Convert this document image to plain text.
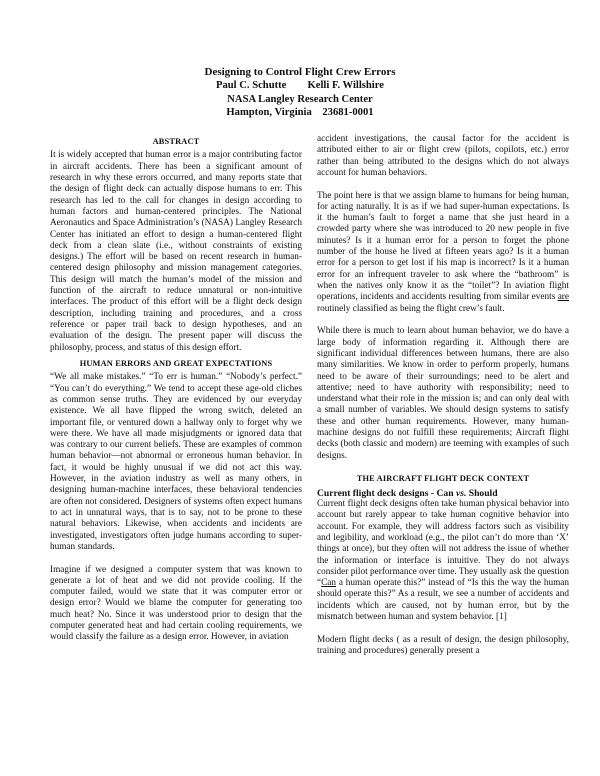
Designing to Control Flight Crew Errors
Paul C. Schutte        Kelli F. Willshire
NASA Langley Research Center
Hampton, Virginia    23681-0001
ABSTRACT

It is widely accepted that human error is a major contributing factor in aircraft accidents. There has been a significant amount of research in why these errors occurred, and many reports state that the design of flight deck can actually dispose humans to err. This research has led to the call for changes in design according to human factors and human-centered principles. The National Aeronautics and Space Administration’s (NASA) Langley Research Center has initiated an effort to design a human-centered flight deck from a clean slate (i.e., without constraints of existing designs.) The effort will be based on recent research in human-centered design philosophy and mission management categories. This design will match the human’s model of the mission and function of the aircraft to reduce unnatural or non-intuitive interfaces. The product of this effort will be a flight deck design description, including training and procedures, and a cross reference or paper trail back to design hypotheses, and an evaluation of the design. The present paper will discuss the philosophy, process, and status of this design effort.

HUMAN ERRORS AND GREAT EXPECTATIONS

“We all make mistakes.” “To err is human.” “Nobody’s perfect.” “You can’t do everything.” We tend to accept these age-old cliches as common sense truths. They are evidenced by our everyday existence. We all have flipped the wrong switch, deleted an important file, or ventured down a hallway only to forget why we were there. We have all made misjudgments or ignored data that was contrary to our current beliefs. These are examples of common human behavior—not abnormal or erroneous human behavior. In fact, it would be highly unusual if we did not act this way. However, in the aviation industry as well as many others, in designing human-machine interfaces, these behavioral tendencies are often not considered. Designers of systems often expect humans to act in unnatural ways, that is to say, not to be prone to these natural behaviors. Likewise, when accidents and incidents are investigated, investigators often judge humans according to super-human standards.

Imagine if we designed a computer system that was known to generate a lot of heat and we did not provide cooling. If the computer failed, would we state that it was computer error or design error? Would we blame the computer for generating too much heat? No. Since it was understood prior to design that the computer generated heat and had certain cooling requirements, we would classify the failure as a design error. However, in aviation

accident investigations, the causal factor for the accident is attributed either to air or flight crew (pilots, copilots, etc.) error rather than being attributed to the designs which do not always account for human behaviors.

The point here is that we assign blame to humans for being human, for acting naturally. It is as if we had super-human expectations. Is it the human’s fault to forget a name that she just heard in a crowded party where she was introduced to 20 new people in five minutes? Is it a human error for a person to forget the phone number of the house he lived at fifteen years ago? Is it a human error for a person to get lost if his map is incorrect? Is it a human error for an infrequent traveler to ask where the “bathroom” is when the natives only know it as the “toilet”? In aviation flight operations, incidents and accidents resulting from similar events are routinely classified as being the flight crew’s fault.

While there is much to learn about human behavior, we do have a large body of information regarding it. Although there are significant individual differences between humans, there are also many similarities. We know in order to perform properly, humans need to be aware of their surroundings; need to be alert and attentive; need to have authority with responsibility; need to understand what their role in the mission is; and can only deal with a small number of variables. We should design systems to satisfy these and other human requirements. However, many human-machine designs do not fulfill these requirements; Aircraft flight decks (both classic and modern) are teeming with examples of such designs.

THE AIRCRAFT FLIGHT DECK CONTEXT
Current flight deck designs - Can vs. Should

Current flight deck designs often take human physical behavior into account but rarely appear to take human cognitive behavior into account. For example, they will address factors such as visibility and legibility, and workload (e.g., the pilot can’t do more than ‘X’ things at once), but they often will not address the issue of whether the information or interface is intuitive. They do not always consider pilot performance over time. They usually ask the question “Can a human operate this?” instead of “Is this the way the human should operate this?” As a result, we see a number of accidents and incidents which are caused, not by human error, but by the mismatch between human and system behavior. [1]

Modern flight decks ( as a result of design, the design philosophy, training and procedures) generally present a
